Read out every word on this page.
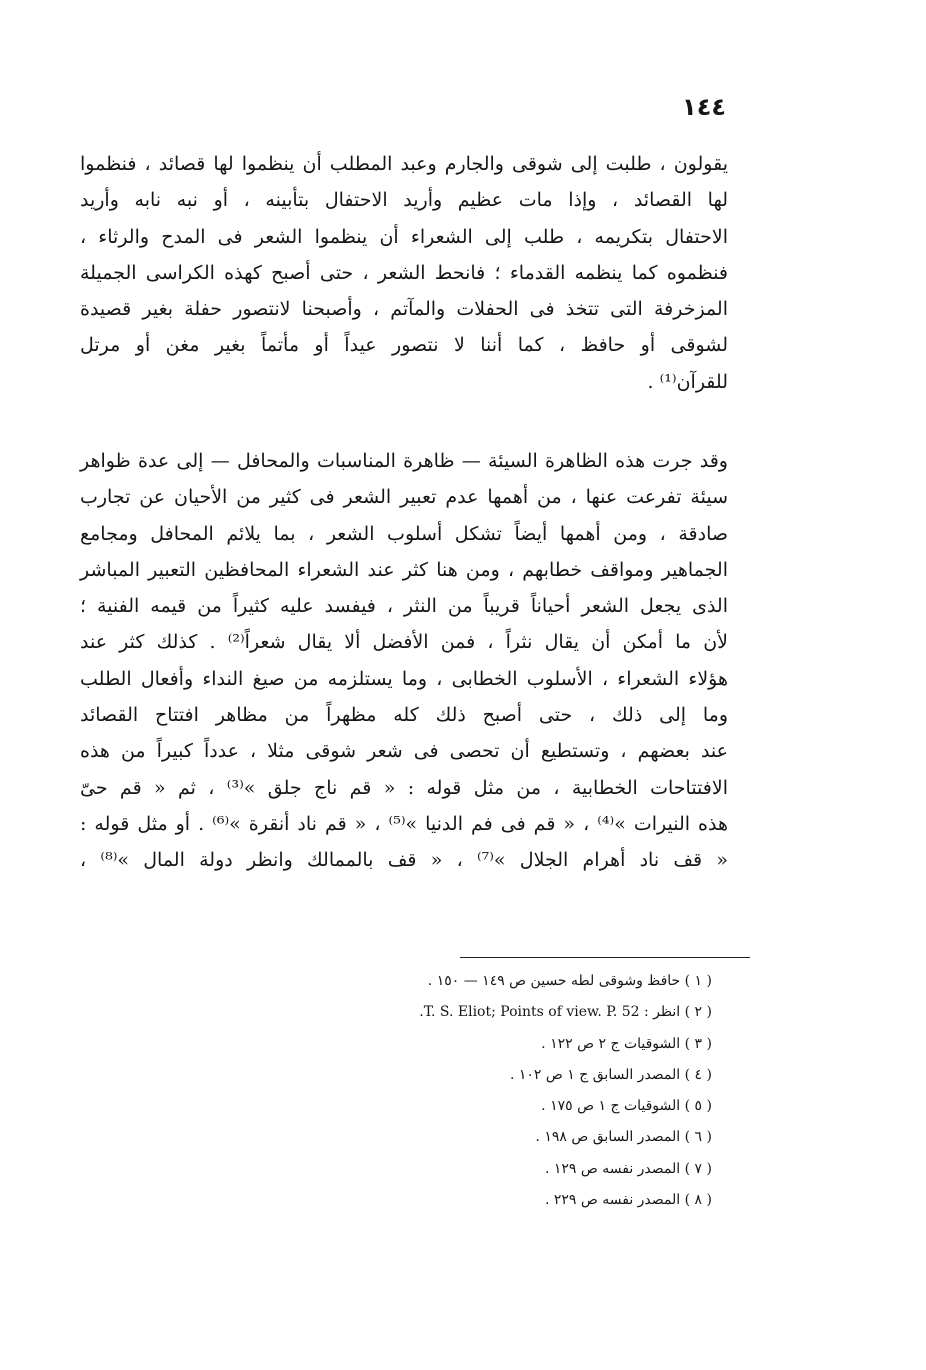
١٤٤
يقولون ، طلبت إلى شوقى والجارم وعبد المطلب أن ينظموا لها قصائد ، فنظموا
لها القصائد ، وإذا مات عظيم وأريد الاحتفال بتأبينه ، أو نبه نابه وأريد
الاحتفال بتكريمه ، طلب إلى الشعراء أن ينظموا الشعر فى المدح والرثاء ،
فنظموه كما ينظمه القدماء ؛ فانحط الشعر ، حتى أصبح كهذه الكراسى الجميلة
المزخرفة التى تتخذ فى الحفلات والمآتم ، وأصبحنا لانتصور حفلة بغير قصيدة
لشوقى أو حافظ ، كما أننا لا نتصور عيداً أو مأتماً بغير مغن أو مرتل
للقرآن⁽¹⁾ .
وقد جرت هذه الظاهرة السيئة — ظاهرة المناسبات والمحافل — إلى عدة ظواهر
سيئة تفرعت عنها ، من أهمها عدم تعبير الشعر فى كثير من الأحيان عن تجارب
صادقة ، ومن أهمها أيضاً تشكل أسلوب الشعر ، بما يلائم المحافل ومجامع
الجماهير ومواقف خطابهم ، ومن هنا كثر عند الشعراء المحافظين التعبير المباشر
الذى يجعل الشعر أحياناً قريباً من النثر ، فيفسد عليه كثيراً من قيمه الفنية ؛
لأن ما أمكن أن يقال نثراً ، فمن الأفضل ألا يقال شعراً⁽²⁾ . كذلك كثر عند
هؤلاء الشعراء ، الأسلوب الخطابى ، وما يستلزمه من صيغ النداء وأفعال الطلب
وما إلى ذلك ، حتى أصبح ذلك كله مظهراً من مظاهر افتتاح القصائد
عند بعضهم ، وتستطيع أن تحصى فى شعر شوقى مثلا ، عدداً كبيراً من هذه
الافتتاحات الخطابية ، من مثل قوله : « قم ناج جلق »⁽³⁾ ، ثم « قم حىّ
هذه النيرات »⁽⁴⁾ ، « قم فى فم الدنيا »⁽⁵⁾ ، « قم ناد أنقرة »⁽⁶⁾ . أو مثل قوله :
« قف ناد أهرام الجلال »⁽⁷⁾ ، « قف بالممالك وانظر دولة المال »⁽⁸⁾ ،
( ١ ) حافظ وشوقى لطه حسين ص ١٤٩ — ١٥٠ .
( ٢ ) انظر : T. S. Eliot; Points of view. P. 52.
( ٣ ) الشوقيات ج ٢ ص ١٢٢ .
( ٤ ) المصدر السابق ج ١ ص ١٠٢ .
( ٥ ) الشوقيات ج ١ ص ١٧٥ .
( ٦ ) المصدر السابق ص ١٩٨ .
( ٧ ) المصدر نفسه ص ١٢٩ .
( ٨ ) المصدر نفسه ص ٢٢٩ .
